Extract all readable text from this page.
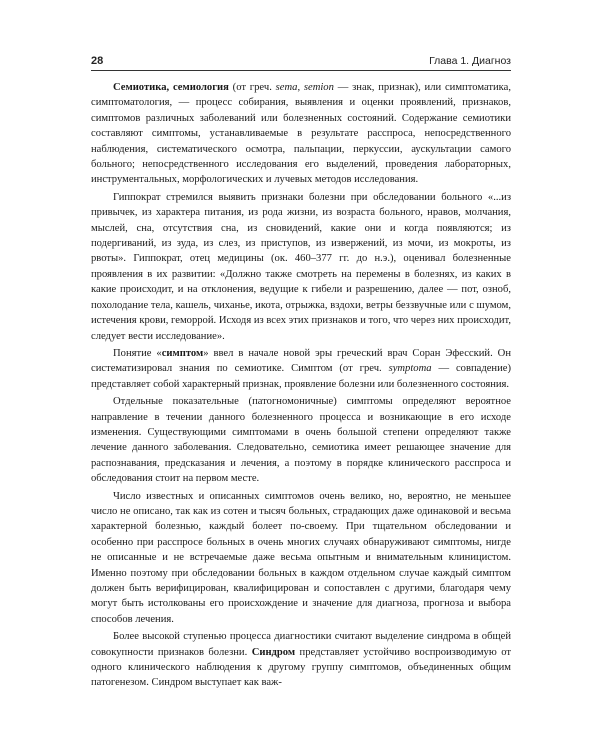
28	Глава 1. Диагноз

Семиотика, семиология (от греч. sema, semion — знак, признак), или симптоматика, симптоматология, — процесс собирания, выявления и оценки проявлений, признаков, симптомов различных заболеваний или болезненных состояний. Содержание семиотики составляют симптомы, устанавливаемые в результате расспроса, непосредственного наблюдения, систематического осмотра, пальпации, перкуссии, аускультации самого больного; непосредственного исследования его выделений, проведения лабораторных, инструментальных, морфологических и лучевых методов исследования.

Гиппократ стремился выявить признаки болезни при обследовании больного «...из привычек, из характера питания, из рода жизни, из возраста больного, нравов, молчания, мыслей, сна, отсутствия сна, из сновидений, какие они и когда появляются; из подергиваний, из зуда, из слез, из приступов, из извержений, из мочи, из мокроты, из рвоты». Гиппократ, отец медицины (ок. 460–377 гг. до н.э.), оценивал болезненные проявления в их развитии: «Должно также смотреть на перемены в болезнях, из каких в какие происходит, и на отклонения, ведущие к гибели и разрешению, далее — пот, озноб, похолодание тела, кашель, чиханье, икота, отрыжка, вздохи, ветры беззвучные или с шумом, истечения крови, геморрой. Исходя из всех этих признаков и того, что через них происходит, следует вести исследование».

Понятие «симптом» ввел в начале новой эры греческий врач Соран Эфесский. Он систематизировал знания по семиотике. Симптом (от греч. symptoma — совпадение) представляет собой характерный признак, проявление болезни или болезненного состояния.

Отдельные показательные (патогномоничные) симптомы определяют вероятное направление в течении данного болезненного процесса и возникающие в его исходе изменения. Существующими симптомами в очень большой степени определяют также лечение данного заболевания. Следовательно, семиотика имеет решающее значение для распознавания, предсказания и лечения, а поэтому в порядке клинического расспроса и обследования стоит на первом месте.

Число известных и описанных симптомов очень велико, но, вероятно, не меньшее число не описано, так как из сотен и тысяч больных, страдающих даже одинаковой и весьма характерной болезнью, каждый болеет по-своему. При тщательном обследовании и особенно при расспросе больных в очень многих случаях обнаруживают симптомы, нигде не описанные и не встречаемые даже весьма опытным и внимательным клиницистом. Именно поэтому при обследовании больных в каждом отдельном случае каждый симптом должен быть верифицирован, квалифицирован и сопоставлен с другими, благодаря чему могут быть истолкованы его происхождение и значение для диагноза, прогноза и выбора способов лечения.

Более высокой ступенью процесса диагностики считают выделение синдрома в общей совокупности признаков болезни. Синдром представляет устойчиво воспроизводимую от одного клинического наблюдения к другому группу симптомов, объединенных общим патогенезом. Синдром выступает как важ-
